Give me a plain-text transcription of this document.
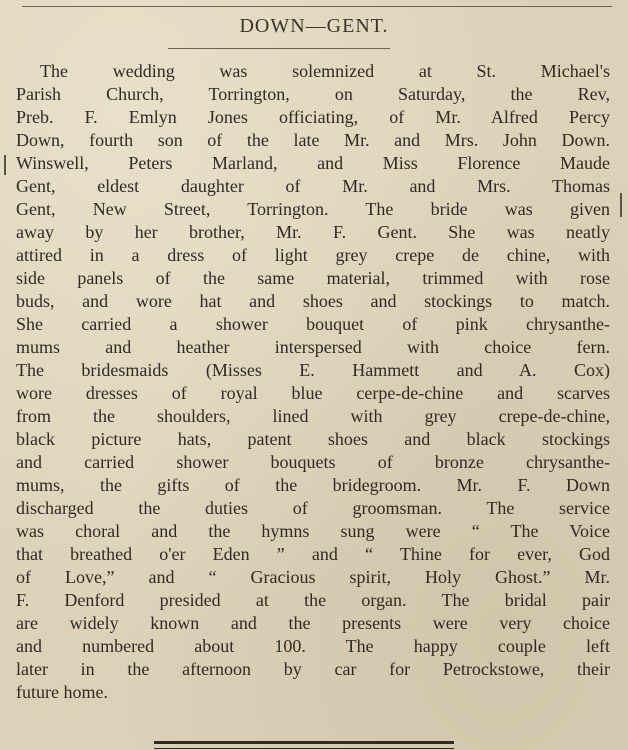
DOWN—GENT.
The wedding was solemnized at St. Michael's
Parish Church, Torrington, on Saturday, the Rev,
Preb. F. Emlyn Jones officiating, of Mr. Alfred Percy
Down, fourth son of the late Mr. and Mrs. John Down.
Winswell, Peters Marland, and Miss Florence Maude
Gent, eldest daughter of Mr. and Mrs. Thomas
Gent, New Street, Torrington. The bride was given
away by her brother, Mr. F. Gent. She was neatly
attired in a dress of light grey crepe de chine, with
side panels of the same material, trimmed with rose
buds, and wore hat and shoes and stockings to match.
She carried a shower bouquet of pink chrysanthe-
mums and heather interspersed with choice fern.
The bridesmaids (Misses E. Hammett and A. Cox)
wore dresses of royal blue cerpe-de-chine and scarves
from the shoulders, lined with grey crepe-de-chine,
black picture hats, patent shoes and black stockings
and carried shower bouquets of bronze chrysanthe-
mums, the gifts of the bridegroom. Mr. F. Down
discharged the duties of groomsman. The service
was choral and the hymns sung were “ The Voice
that breathed o'er Eden ” and “ Thine for ever, God
of Love,” and “ Gracious spirit, Holy Ghost.” Mr.
F. Denford presided at the organ. The bridal pair
are widely known and the presents were very choice
and numbered about 100. The happy couple left
later in the afternoon by car for Petrockstowe, their
future home.
